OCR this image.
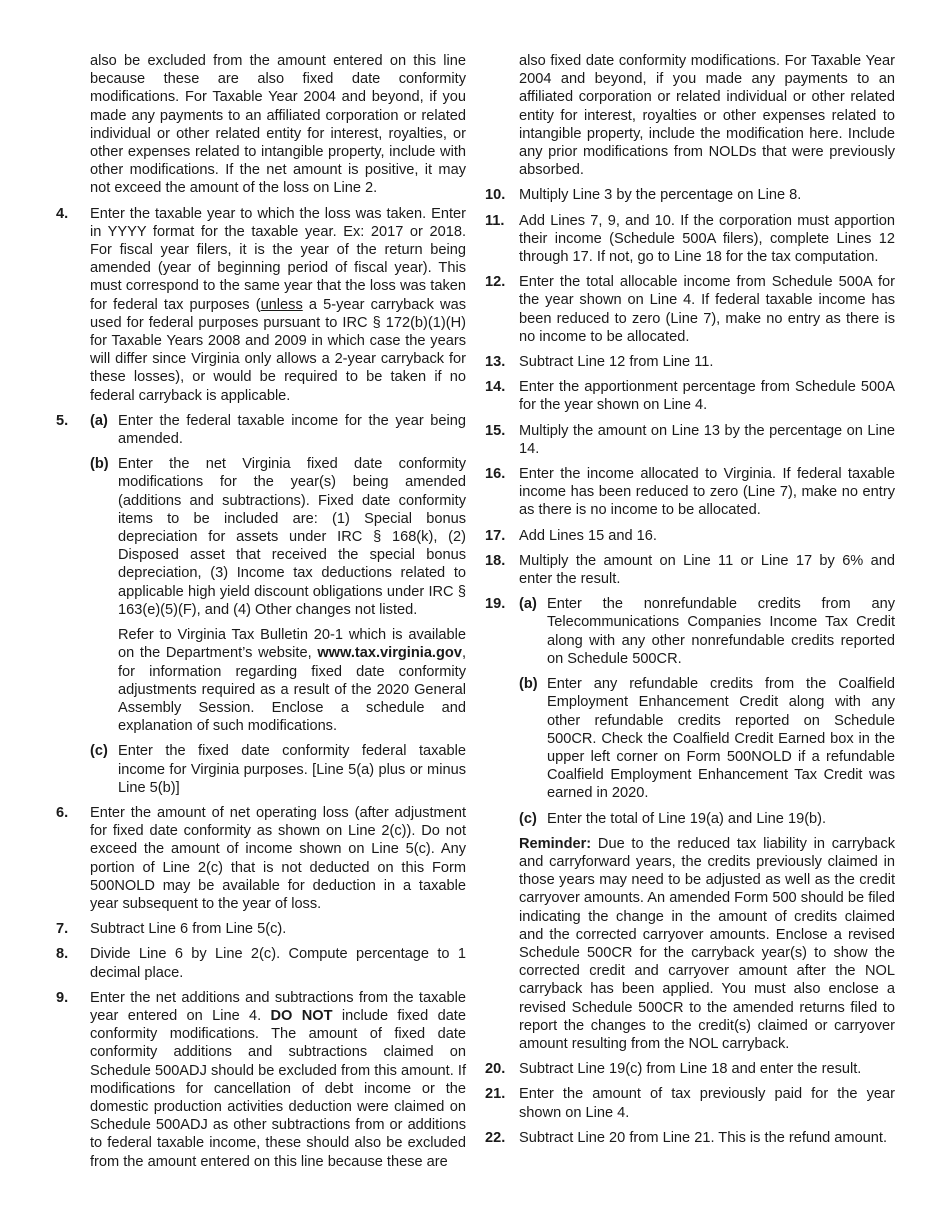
also be excluded from the amount entered on this line because these are also fixed date conformity modifications. For Taxable Year 2004 and beyond, if you made any payments to an affiliated corporation or related individual or other related entity for interest, royalties, or other expenses related to intangible property, include with other modifications. If the net amount is positive, it may not exceed the amount of the loss on Line 2.

4.	Enter the taxable year to which the loss was taken. Enter in YYYY format for the taxable year. Ex: 2017 or 2018. For fiscal year filers, it is the year of the return being amended (year of beginning period of fiscal year). This must correspond to the same year that the loss was taken for federal tax purposes (unless a 5-year carryback was used for federal purposes pursuant to IRC § 172(b)(1)(H) for Taxable Years 2008 and 2009 in which case the years will differ since Virginia only allows a 2-year carryback for these losses), or would be required to be taken if no federal carryback is applicable.
5.	(a) Enter the federal taxable income for the year being amended.
(b) Enter the net Virginia fixed date conformity modifications for the year(s) being amended (additions and subtractions). Fixed date conformity items to be included are: (1) Special bonus depreciation for assets under IRC § 168(k), (2) Disposed asset that received the special bonus depreciation, (3) Income tax deductions related to applicable high yield discount obligations under IRC § 163(e)(5)(F), and (4) Other changes not listed.

Refer to Virginia Tax Bulletin 20-1 which is available on the Department’s website, www.tax.virginia.gov, for information regarding fixed date conformity adjustments required as a result of the 2020 General Assembly Session. Enclose a schedule and explanation of such modifications.

(c) Enter the fixed date conformity federal taxable income for Virginia purposes. [Line 5(a) plus or minus Line 5(b)]
6.	Enter the amount of net operating loss (after adjustment for fixed date conformity as shown on Line 2(c)). Do not exceed the amount of income shown on Line 5(c). Any portion of Line 2(c) that is not deducted on this Form 500NOLD may be available for deduction in a taxable year subsequent to the year of loss.
7.	Subtract Line 6 from Line 5(c).
8.	Divide Line 6 by Line 2(c). Compute percentage to 1 decimal place.
9.	Enter the net additions and subtractions from the taxable year entered on Line 4. DO NOT include fixed date conformity modifications. The amount of fixed date conformity additions and subtractions claimed on Schedule 500ADJ should be excluded from this amount. If modifications for cancellation of debt income or the domestic production activities deduction were claimed on Schedule 500ADJ as other subtractions from or additions to federal taxable income, these should also be excluded from the amount entered on this line because these are

also fixed date conformity modifications. For Taxable Year 2004 and beyond, if you made any payments to an affiliated corporation or related individual or other related entity for interest, royalties or other expenses related to intangible property, include the modification here. Include any prior modifications from NOLDs that were previously absorbed.

10. Multiply Line 3 by the percentage on Line 8.
11. Add Lines 7, 9, and 10. If the corporation must apportion their income (Schedule 500A filers), complete Lines 12 through 17. If not, go to Line 18 for the tax computation.
12. Enter the total allocable income from Schedule 500A for the year shown on Line 4. If federal taxable income has been reduced to zero (Line 7), make no entry as there is no income to be allocated.
13. Subtract Line 12 from Line 11.
14. Enter the apportionment percentage from Schedule 500A for the year shown on Line 4.
15. Multiply the amount on Line 13 by the percentage on Line 14.
16. Enter the income allocated to Virginia. If federal taxable income has been reduced to zero (Line 7), make no entry as there is no income to be allocated.
17. Add Lines 15 and 16.
18. Multiply the amount on Line 11 or Line 17 by 6% and enter the result.
19. (a) Enter the nonrefundable credits from any Telecommunications Companies Income Tax Credit along with any other nonrefundable credits reported on Schedule 500CR.
(b) Enter any refundable credits from the Coalfield Employment Enhancement Credit along with any other refundable credits reported on Schedule 500CR. Check the Coalfield Credit Earned box in the upper left corner on Form 500NOLD if a refundable Coalfield Employment Enhancement Tax Credit was earned in 2020.
(c) Enter the total of Line 19(a) and Line 19(b).

Reminder: Due to the reduced tax liability in carryback and carryforward years, the credits previously claimed in those years may need to be adjusted as well as the credit carryover amounts. An amended Form 500 should be filed indicating the change in the amount of credits claimed and the corrected carryover amounts. Enclose a revised Schedule 500CR for the carryback year(s) to show the corrected credit and carryover amount after the NOL carryback has been applied. You must also enclose a revised Schedule 500CR to the amended returns filed to report the changes to the credit(s) claimed or carryover amount resulting from the NOL carryback.

20. Subtract Line 19(c) from Line 18 and enter the result.
21. Enter the amount of tax previously paid for the year shown on Line 4.
22. Subtract Line 20 from Line 21. This is the refund amount.
